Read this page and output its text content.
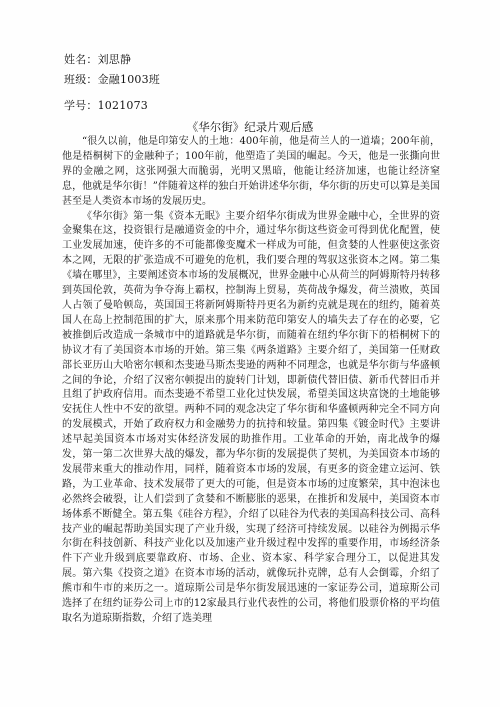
姓名：刘思静
班级：金融1003班
学号：1021073
《华尔街》纪录片观后感

“很久以前，他是印第安人的土地：400年前，他是荷兰人的一道墙；200年前，他是梧桐树下的金融种子；100年前，他塑造了美国的崛起。今天，他是一张撕向世界的金融之网，这张网强大而脆弱，光明又黑暗，他能让经济加速，也能让经济窒息，他就是华尔街！”伴随着这样的独白开始讲述华尔街，华尔街的历史可以算是美国甚至是人类资本市场的发展历史。

《华尔街》第一集《资本无眠》主要介绍华尔街成为世界金融中心，全世界的资金聚集在这，投资银行是融通资金的中介，通过华尔街这些资金可得到优化配置，使工业发展加速，使许多的不可能都像变魔术一样成为可能，但贪婪的人性驱使这张资本之网，无限的扩张造成不可避免的危机，我们要合理的驾驭这张资本之网。第二集《墙在哪里》，主要阐述资本市场的发展概况，世界金融中心从荷兰的阿姆斯特丹转移到英国伦敦，英荷为争夺海上霸权，控制海上贸易，英荷战争爆发，荷兰溃败，英国人占领了曼哈顿岛，英国国王将新阿姆斯特丹更名为新约克就是现在的纽约，随着英国人在岛上控制范围的扩大，原来那个用来防范印第安人的墙失去了存在的必要，它被推倒后改造成一条城市中的道路就是华尔街，而随着在纽约华尔街下的梧桐树下的协议才有了美国资本市场的开始。第三集《两条道路》主要介绍了，美国第一任财政部长亚历山大哈密尔顿和杰斐逊马斯杰斐逊的两种不同理念，也就是华尔街与华盛顿之间的争论，介绍了汉密尔顿提出的旋转门计划，即新债代替旧债、新币代替旧币并且组了护政府信用。而杰斐逊不希望工业化过快发展，希望美国这块富饶的土地能够安抚住人性中不安的欲望。两种不同的观念决定了华尔街和华盛顿两种完全不同方向的发展模式，开始了政府权力和金融势力的抗持和较量。第四集《镀金时代》主要讲述早起美国资本市场对实体经济发展的助推作用。工业革命的开始，南北战争的爆发，第一第二次世界大战的爆发，都为华尔街的发展提供了契机，为美国资本市场的发展带来重大的推动作用，同样，随着资本市场的发展，有更多的资金建立运河、铁路，为工业革命、技术发展带了更大的可能，但是资本市场的过度繁荣，其中泡沫也必然终会破裂，让人们尝到了贪婪和不断膨胀的恶果，在推折和发展中，美国资本市场体系不断健全。第五集《硅谷方程》，介绍了以硅谷为代表的美国高科技公司、高科技产业的崛起帮助美国实现了产业升级，实现了经济可持续发展。以硅谷为例揭示华尔街在科技创新、科技产业化以及加速产业升级过程中发挥的重要作用，市场经济条件下产业升级到底要靠政府、市场、企业、资本家、科学家合理分工，以促进其发展。第六集《投资之道》在资本市场的活动，就像玩扑克牌，总有人会倒霉，介绍了熊市和牛市的来历之一。道琼斯公司是华尔街发展迅速的一家证券公司，道琼斯公司选择了在纽约证券公司上市的12家最具行业代表性的公司，将他们股票价格的平均值取名为道琼斯指数，介绍了选美理
